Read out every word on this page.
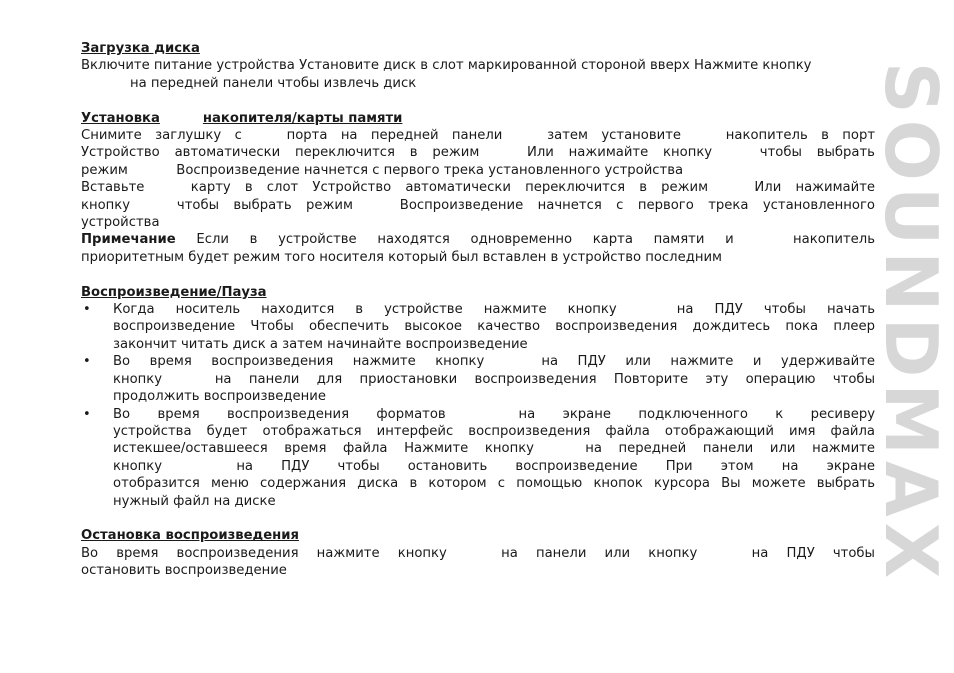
Загрузка диска
Включите питание устройства Установите диск в слот маркированной стороной вверх Нажмите кнопку
на передней панели чтобы извлечь диск
Установка	накопителя/карты памяти
Снимите заглушку с	порта на передней панели	затем установите	накопитель в порт
Устройство автоматически переключится в режим	Или нажимайте кнопку	чтобы выбрать
режим	Воспроизведение начнется с первого трека установленного устройства
Вставьте	карту в слот Устройство автоматически переключится в режим	Или нажимайте
кнопку	чтобы выбрать режим	Воспроизведение начнется с первого трека установленного
устройства
Примечание Если в устройстве находятся одновременно карта памяти и	накопитель
приоритетным будет режим того носителя который был вставлен в устройство последним
Воспроизведение/Пауза
• Когда носитель находится в устройстве нажмите кнопку	на ПДУ чтобы начать
воспроизведение Чтобы обеспечить высокое качество воспроизведения дождитесь пока плеер
закончит читать диск а затем начинайте воспроизведение
• Во время воспроизведения нажмите кнопку	на ПДУ или нажмите и удерживайте
кнопку	на панели для приостановки воспроизведения Повторите эту операцию чтобы
продолжить воспроизведение
• Во время воспроизведения форматов	на экране подключенного к ресиверу
устройства будет отображаться интерфейс воспроизведения файла отображающий имя файла
истекшее/оставшееся время файла Нажмите кнопку	на передней панели или нажмите
кнопку	на ПДУ чтобы остановить воспроизведение При этом на экране
отобразится меню содержания диска в котором с помощью кнопок курсора Вы можете выбрать
нужный файл на диске
Остановка воспроизведения
Во время воспроизведения нажмите кнопку	на панели или кнопку	на ПДУ чтобы
остановить воспроизведение	SOUNDMAX
